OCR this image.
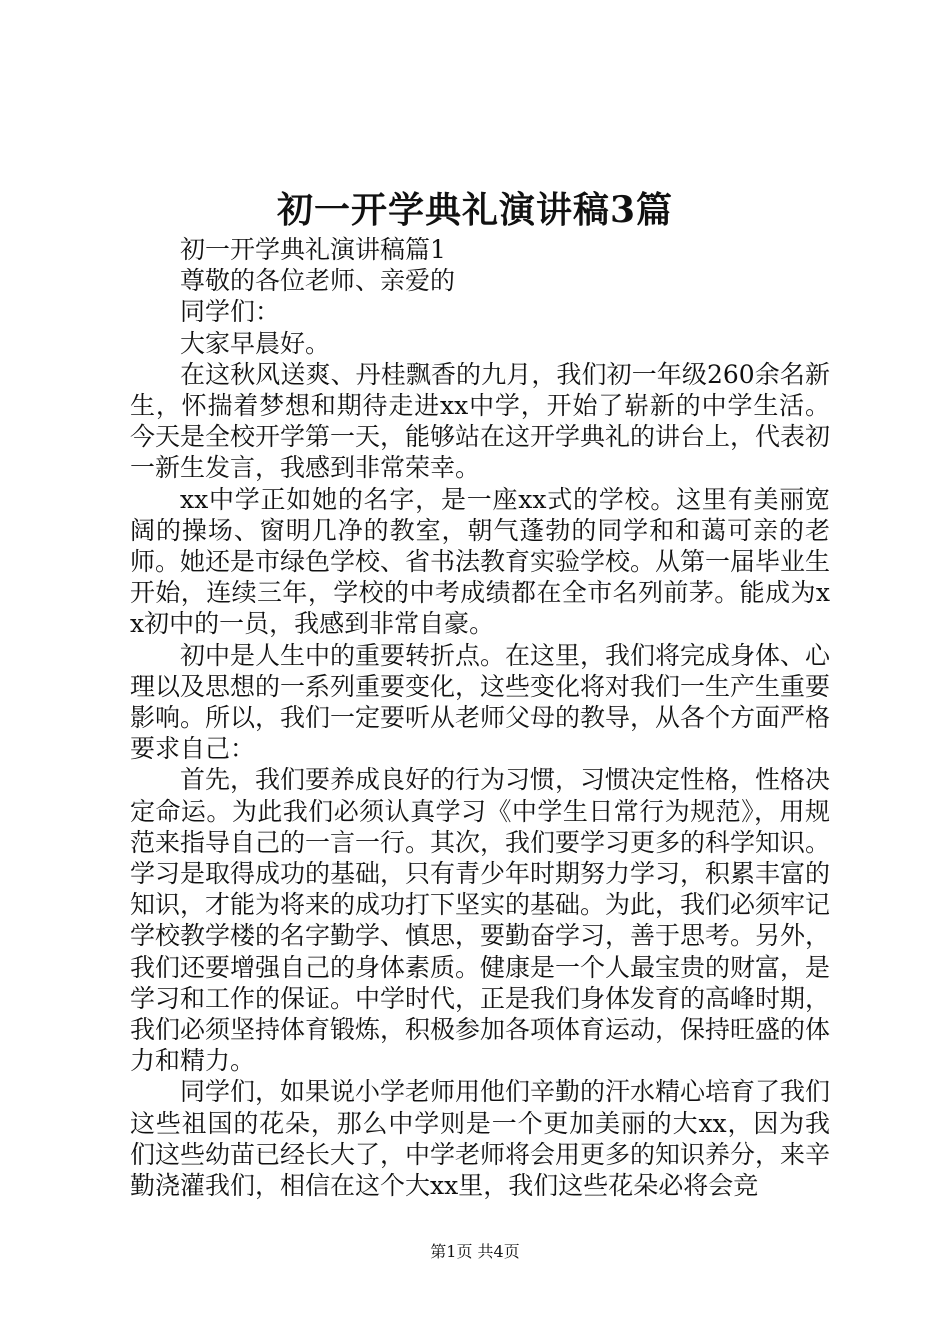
初一开学典礼演讲稿3篇

初一开学典礼演讲稿篇1

尊敬的各位老师、亲爱的

同学们：

大家早晨好。

在这秋风送爽、丹桂飘香的九月，我们初一年级260余名新生，怀揣着梦想和期待走进xx中学，开始了崭新的中学生活。今天是全校开学第一天，能够站在这开学典礼的讲台上，代表初一新生发言，我感到非常荣幸。

xx中学正如她的名字，是一座xx式的学校。这里有美丽宽阔的操场、窗明几净的教室，朝气蓬勃的同学和和蔼可亲的老师。她还是市绿色学校、省书法教育实验学校。从第一届毕业生开始，连续三年，学校的中考成绩都在全市名列前茅。能成为xx初中的一员，我感到非常自豪。

初中是人生中的重要转折点。在这里，我们将完成身体、心理以及思想的一系列重要变化，这些变化将对我们一生产生重要影响。所以，我们一定要听从老师父母的教导，从各个方面严格要求自己：

首先，我们要养成良好的行为习惯，习惯决定性格，性格决定命运。为此我们必须认真学习《中学生日常行为规范》，用规范来指导自己的一言一行。其次，我们要学习更多的科学知识。学习是取得成功的基础，只有青少年时期努力学习，积累丰富的知识，才能为将来的成功打下坚实的基础。为此，我们必须牢记学校教学楼的名字勤学、慎思，要勤奋学习，善于思考。另外，我们还要增强自己的身体素质。健康是一个人最宝贵的财富，是学习和工作的保证。中学时代，正是我们身体发育的高峰时期，我们必须坚持体育锻炼，积极参加各项体育运动，保持旺盛的体力和精力。

同学们，如果说小学老师用他们辛勤的汗水精心培育了我们这些祖国的花朵，那么中学则是一个更加美丽的大xx，因为我们这些幼苗已经长大了，中学老师将会用更多的知识养分，来辛勤浇灌我们，相信在这个大xx里，我们这些花朵必将会竞

第1页 共4页
